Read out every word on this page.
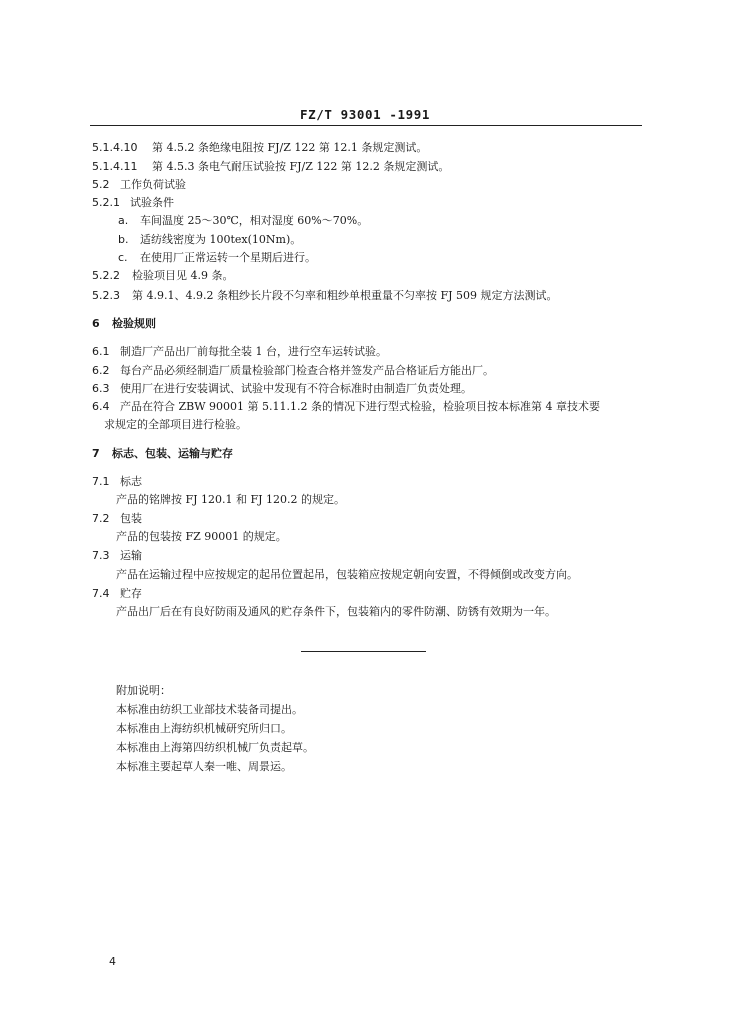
FZ/T 93001 -1991
5.1.4.10 第 4.5.2 条绝缘电阻按 FJ/Z 122 第 12.1 条规定测试。
5.1.4.11 第 4.5.3 条电气耐压试验按 FJ/Z 122 第 12.2 条规定测试。
5.2 工作负荷试验
5.2.1 试验条件
a. 车间温度 25～30℃，相对湿度 60%～70%。
b. 适纺线密度为 100tex(10Nm)。
c. 在使用厂正常运转一个星期后进行。
5.2.2 检验项目见 4.9 条。
5.2.3 第 4.9.1、4.9.2 条粗纱长片段不匀率和粗纱单根重量不匀率按 FJ 509 规定方法测试。
6 检验规则
6.1 制造厂产品出厂前每批全装 1 台，进行空车运转试验。
6.2 每台产品必须经制造厂质量检验部门检查合格并签发产品合格证后方能出厂。
6.3 使用厂在进行安装调试、试验中发现有不符合标准时由制造厂负责处理。
6.4 产品在符合 ZBW 90001 第 5.11.1.2 条的情况下进行型式检验，检验项目按本标准第 4 章技术要
求规定的全部项目进行检验。
7 标志、包装、运输与贮存
7.1 标志
产品的铭牌按 FJ 120.1 和 FJ 120.2 的规定。
7.2 包装
产品的包装按 FZ 90001 的规定。
7.3 运输
产品在运输过程中应按规定的起吊位置起吊，包装箱应按规定朝向安置，不得倾倒或改变方向。
7.4 贮存
产品出厂后在有良好防雨及通风的贮存条件下，包装箱内的零件防潮、防锈有效期为一年。
附加说明：
本标准由纺织工业部技术装备司提出。
本标准由上海纺织机械研究所归口。
本标准由上海第四纺织机械厂负责起草。
本标准主要起草人秦一唯、周景运。
4
